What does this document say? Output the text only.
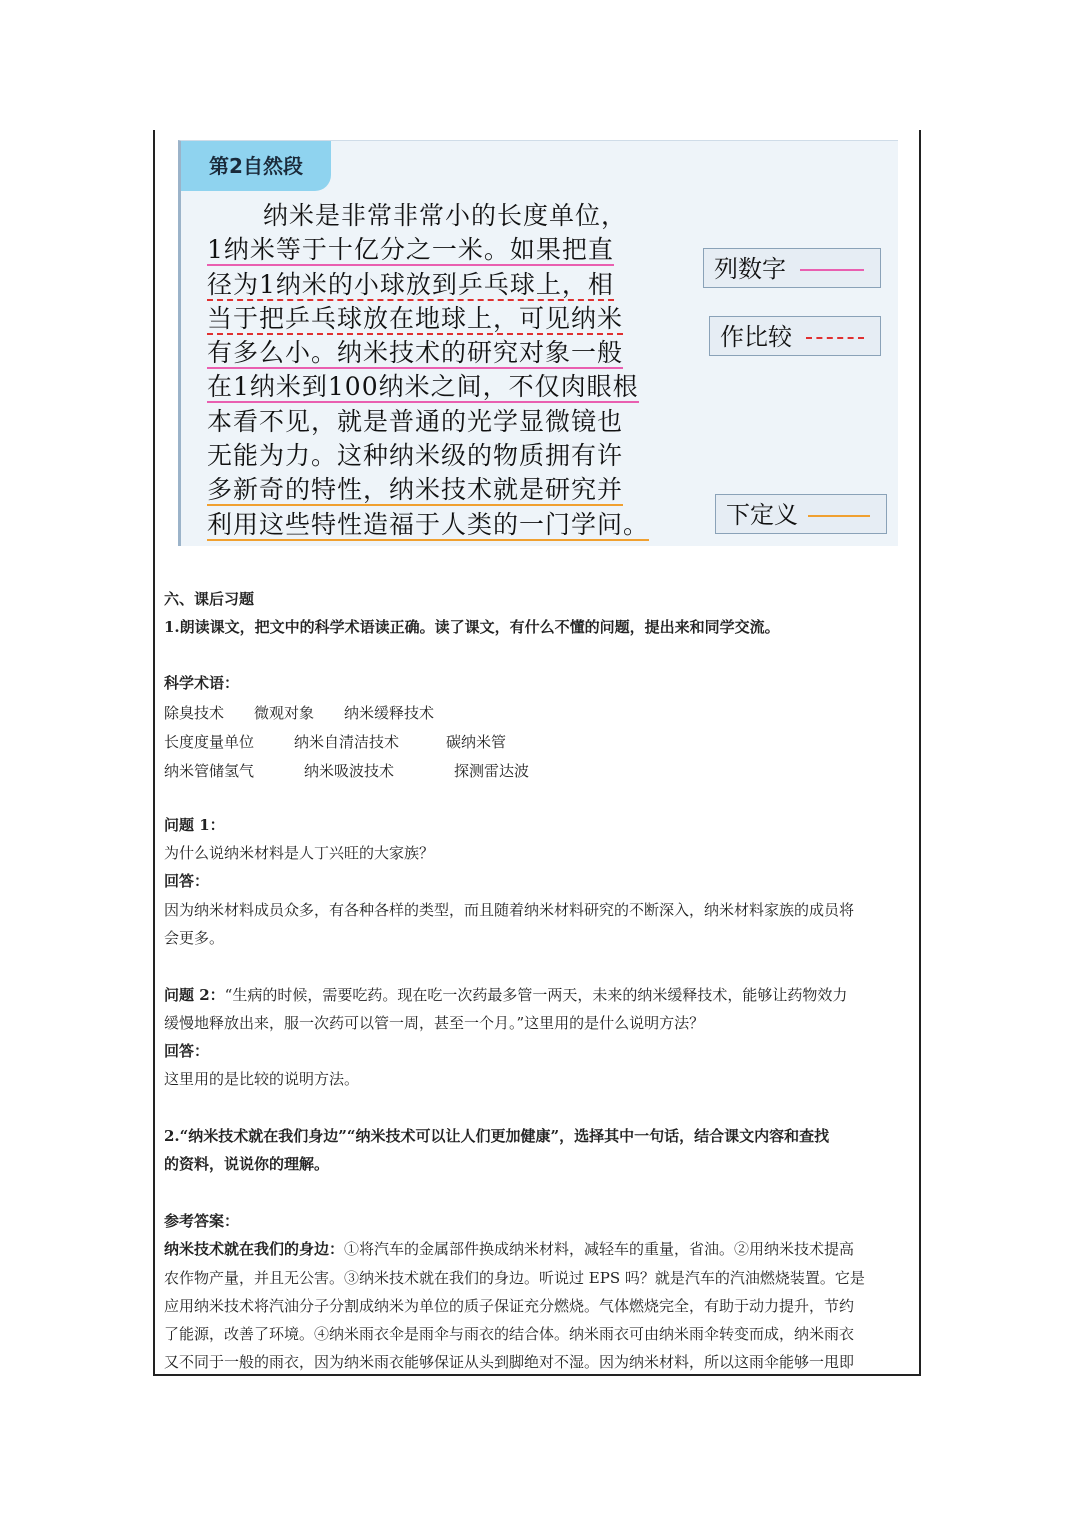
第2自然段
纳米是非常非常小的长度单位，
1纳米等于十亿分之一米。如果把直
径为1纳米的小球放到乒乓球上，相
当于把乒乓球放在地球上，可见纳米
有多么小。纳米技术的研究对象一般
在1纳米到100纳米之间，不仅肉眼根
本看不见，就是普通的光学显微镜也
无能为力。这种纳米级的物质拥有许
多新奇的特性，纳米技术就是研究并
利用这些特性造福于人类的一门学问。
列数字
作比较
下定义
六、课后习题
1.朗读课文，把文中的科学术语读正确。读了课文，有什么不懂的问题，提出来和同学交流。
科学术语：
除臭技术 微观对象 纳米缓释技术
长度度量单位	纳米自清洁技术	碳纳米管
纳米管储氢气	纳米吸波技术	探测雷达波
问题 1：
为什么说纳米材料是人丁兴旺的大家族？
回答：
因为纳米材料成员众多，有各种各样的类型，而且随着纳米材料研究的不断深入，纳米材料家族的成员将
会更多。
问题 2：“生病的时候，需要吃药。现在吃一次药最多管一两天，未来的纳米缓释技术，能够让药物效力
缓慢地释放出来，服一次药可以管一周，甚至一个月。”这里用的是什么说明方法？
回答：
这里用的是比较的说明方法。
2.“纳米技术就在我们身边”“纳米技术可以让人们更加健康”，选择其中一句话，结合课文内容和查找
的资料，说说你的理解。
参考答案：
纳米技术就在我们的身边：①将汽车的金属部件换成纳米材料，减轻车的重量，省油。②用纳米技术提高
农作物产量，并且无公害。③纳米技术就在我们的身边。听说过 EPS 吗？就是汽车的汽油燃烧装置。它是
应用纳米技术将汽油分子分割成纳米为单位的质子保证充分燃烧。气体燃烧完全，有助于动力提升，节约
了能源，改善了环境。④纳米雨衣伞是雨伞与雨衣的结合体。纳米雨衣可由纳米雨伞转变而成，纳米雨衣
又不同于一般的雨衣，因为纳米雨衣能够保证从头到脚绝对不湿。因为纳米材料，所以这雨伞能够一甩即
